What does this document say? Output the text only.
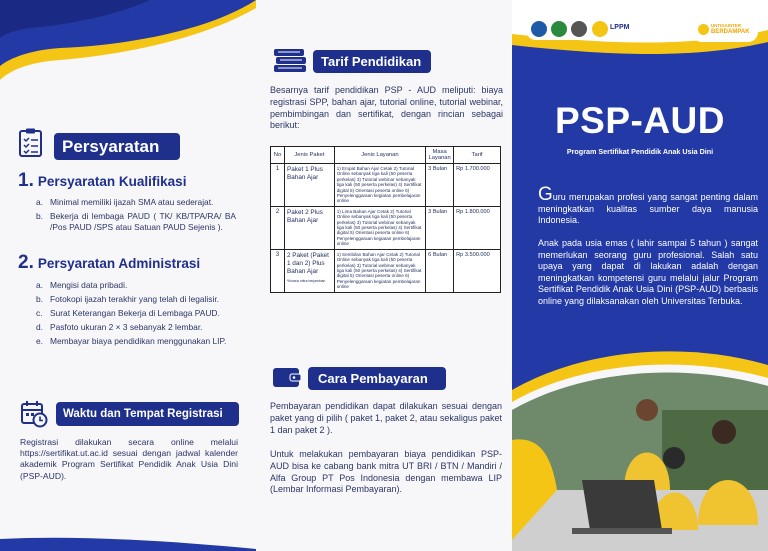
Persyaratan
1. Persyaratan Kualifikasi
a. Minimal memiliki ijazah SMA atau sederajat.
b. Bekerja di lembaga PAUD ( TK/ KB/TPA/RA/ BA /Pos PAUD /SPS atau Satuan PAUD Sejenis ).
2. Persyaratan Administrasi
a. Mengisi data pribadi.
b. Fotokopi ijazah terakhir yang telah di legalisir.
c. Surat Keterangan Bekerja di Lembaga PAUD.
d. Pasfoto ukuran 2 × 3 sebanyak 2 lembar.
e. Membayar biaya pendidikan menggunakan LIP.
Waktu dan Tempat Registrasi
Registrasi dilakukan secara online melalui https://sertifikat.ut.ac.id sesuai dengan jadwal kalender akademik Program Sertifikat Pendidik Anak Usia Dini (PSP-AUD).
Tarif Pendidikan
Besarnya tarif pendidikan PSP - AUD meliputi: biaya registrasi SPP, bahan ajar, tutorial online, tutorial webinar, pembimbingan dan sertifikat, dengan rincian sebagai berikut:
No	Jenis Paket	Jenis Layanan	Masa Layanan	Tarif
1	Paket 1 Plus Bahan Ajar	1) Empat Bahan Ajar Cetak 2) Tutorial Online sebanyak tiga kali (50 peserta perkelas) 3) Tutorial webinar sebanyak tiga kali (50 peserta perkelas) 4) Sertifikat digital 5) Orientasi peserta online 6) Penyelenggaraan kegiatan pembelajaran online	3 Bulan	Rp 1.700.000
2	Paket 2 Plus Bahan Ajar	1) Lima Bahan Ajar Cetak 2) Tutorial Online sebanyak tiga kali (50 peserta perkelas) 3) Tutorial webinar sebanyak tiga kali (50 peserta perkelas) 4) Sertifikat digital 5) Orientasi peserta online 6) Penyelenggaraan kegiatan pembelajaran online	3 Bulan	Rp 1.800.000
3	2 Paket (Paket 1 dan 2) Plus Bahan Ajar
*khusus mitra berjaminan	1) Sembilan Bahan Ajar Cetak 2) Tutorial Online sebanyak tiga kali (50 peserta perkelas) 3) Tutorial webinar sebanyak tiga kali (50 peserta perkelas) 4) Sertifikat digital 5) Orientasi peserta online 6) Penyelenggaraan kegiatan pembelajaran online	6 Bulan	Rp 3.500.000
Cara Pembayaran
Pembayaran pendidikan dapat dilakukan sesuai dengan paket yang di pilih ( paket 1, paket 2, atau sekaligus paket 1 dan paket 2 ).
Untuk melakukan pembayaran biaya pendidikan PSP-AUD bisa ke cabang bank mitra UT BRI / BTN / Mandiri / Alfa Group PT Pos Indonesia dengan membawa LIP (Lembar Informasi Pembayaran).
LPPM	UNTIGAINTER
BERDAMPAK
PSP-AUD
Program Sertifikat Pendidik Anak Usia Dini
Guru merupakan profesi yang sangat penting dalam meningkatkan kualitas sumber daya manusia Indonesia.
Anak pada usia emas ( lahir sampai 5 tahun ) sangat memerlukan seorang guru profesional. Salah satu upaya yang dapat di lakukan adalah dengan meningkatkan kompetensi guru melalui jalur Program Sertifikat Pendidik Anak Usia Dini (PSP-AUD) berbasis online yang dilaksanakan oleh Universitas Terbuka.
